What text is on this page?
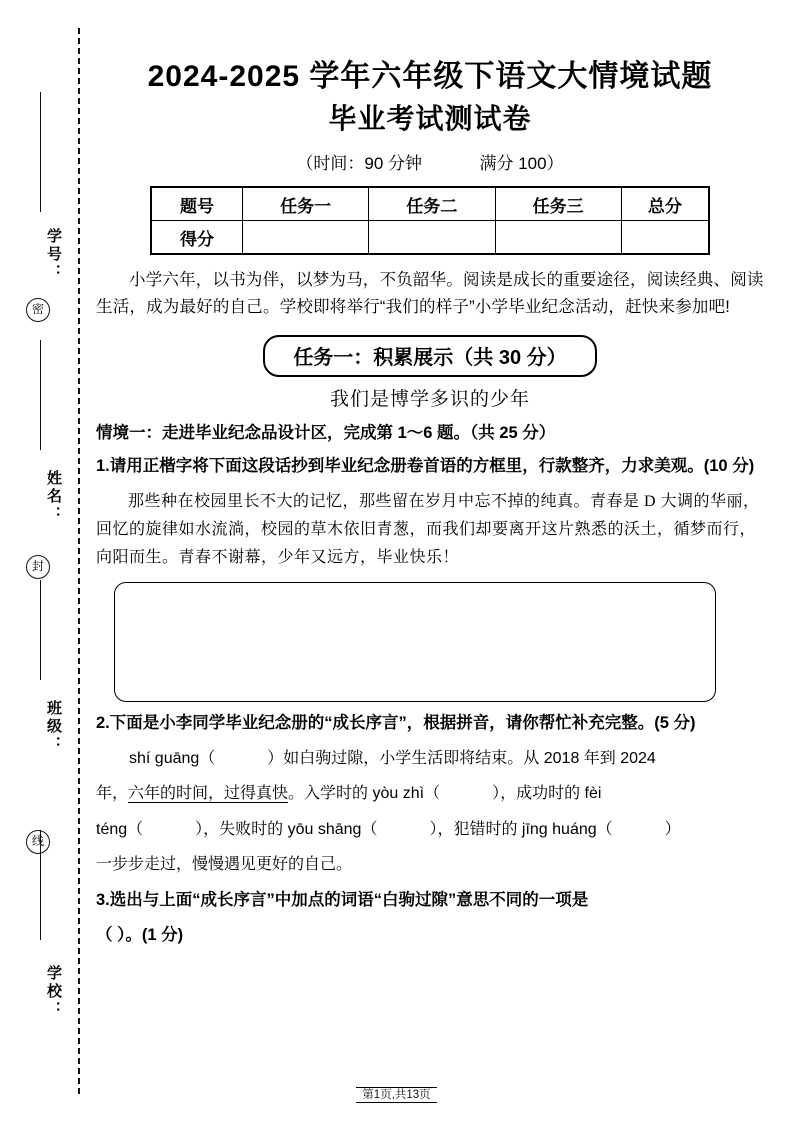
学号：
姓名：
班级：
学校：
密
封
线
2024-2025 学年六年级下语文大情境试题
毕业考试测试卷
（时间：90 分钟	满分 100）
题号	任务一	任务二	任务三	总分
得分				

小学六年，以书为伴，以梦为马，不负韶华。阅读是成长的重要途径，阅读经典、阅读生活，成为最好的自己。学校即将举行“我们的样子”小学毕业纪念活动，赶快来参加吧!

任务一：积累展示（共 30 分）
我们是博学多识的少年
情境一：走进毕业纪念品设计区，完成第 1～6 题。（共 25 分）
1.请用正楷字将下面这段话抄到毕业纪念册卷首语的方框里，行款整齐，力求美观。(10 分)
那些种在校园里长不大的记忆，那些留在岁月中忘不掉的纯真。青春是 D 大调的华丽，回忆的旋律如水流淌，校园的草木依旧青葱，而我们却要离开这片熟悉的沃土，循梦而行，向阳而生。青春不谢幕，少年又远方，毕业快乐！
2.下面是小李同学毕业纪念册的“成长序言”，根据拼音，请你帮忙补充完整。(5 分)
shí guāng（	）如白驹过隙，小学生活即将结束。从 2018 年到 2024
年，六年的时间，过得真快。入学时的 yòu zhì（	），成功时的 fèi
téng（	），失败时的 yōu shāng（	），犯错时的 jīng huáng（	）
一步步走过，慢慢遇见更好的自己。
3.选出与上面“成长序言”中加点的词语“白驹过隙”意思不同的一项是
（ ）。(1 分)
第1页,共13页
